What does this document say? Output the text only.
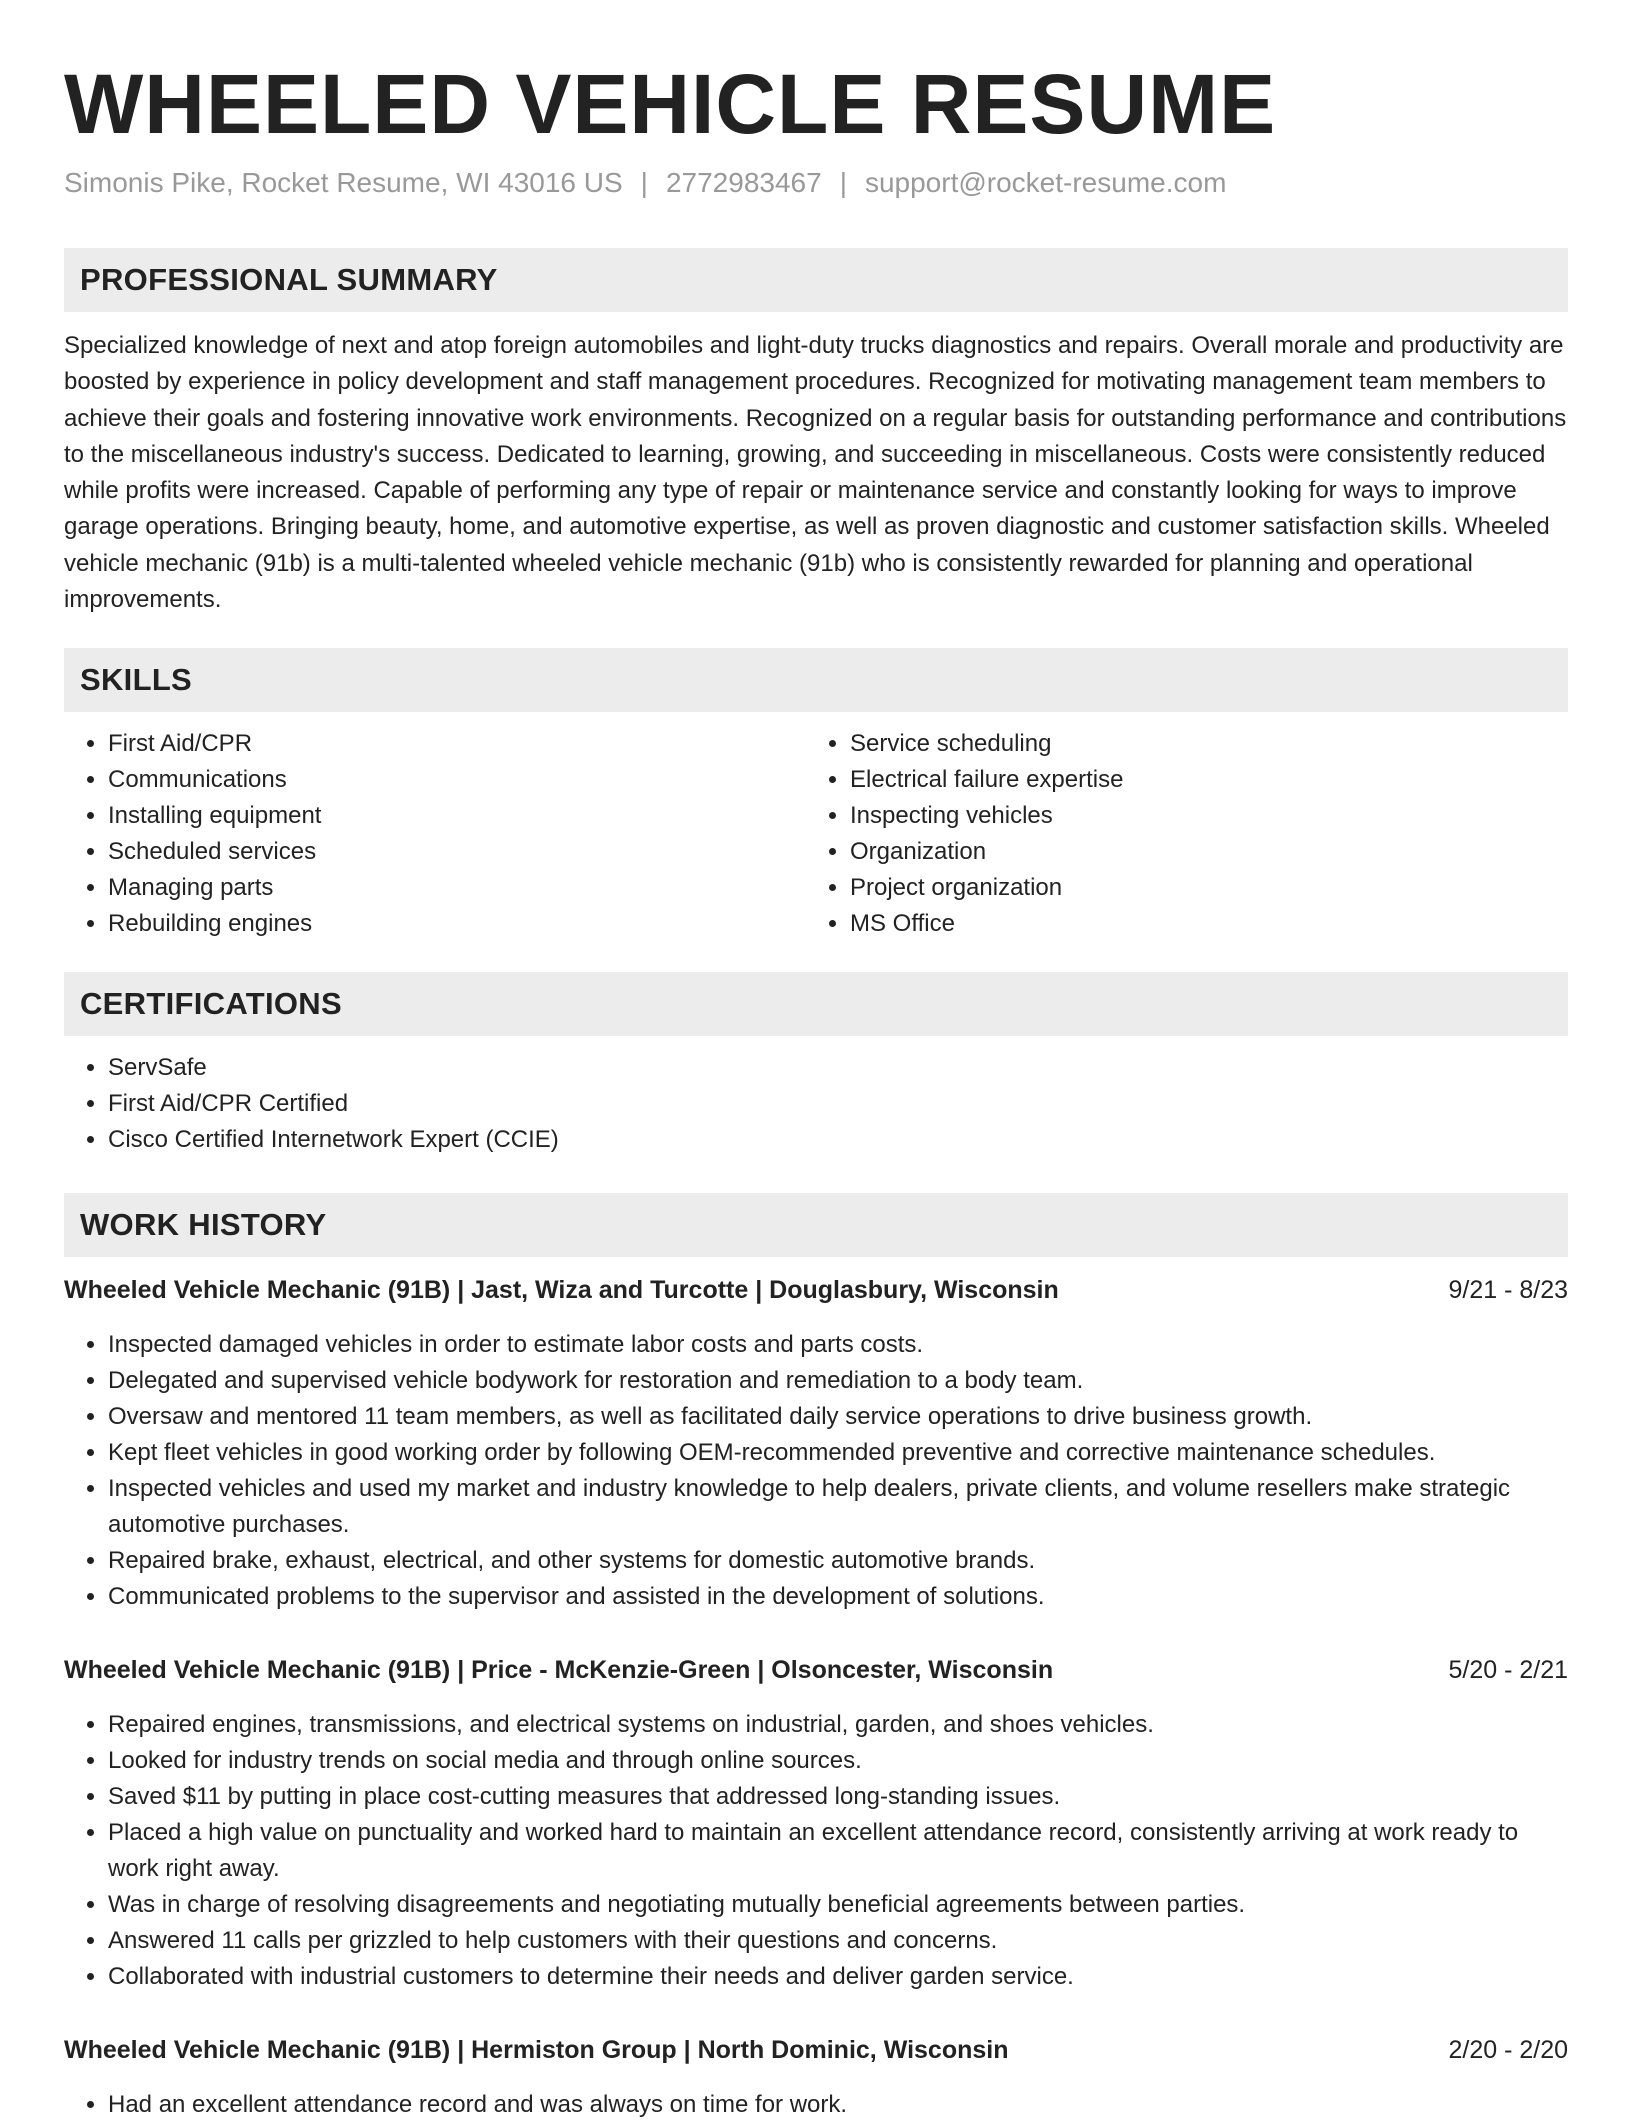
WHEELED VEHICLE RESUME
Simonis Pike, Rocket Resume, WI 43016 US | 2772983467 | support@rocket-resume.com
PROFESSIONAL SUMMARY

Specialized knowledge of next and atop foreign automobiles and light-duty trucks diagnostics and repairs. Overall morale and productivity are boosted by experience in policy development and staff management procedures. Recognized for motivating management team members to achieve their goals and fostering innovative work environments. Recognized on a regular basis for outstanding performance and contributions to the miscellaneous industry's success. Dedicated to learning, growing, and succeeding in miscellaneous. Costs were consistently reduced while profits were increased. Capable of performing any type of repair or maintenance service and constantly looking for ways to improve garage operations. Bringing beauty, home, and automotive expertise, as well as proven diagnostic and customer satisfaction skills. Wheeled vehicle mechanic (91b) is a multi-talented wheeled vehicle mechanic (91b) who is consistently rewarded for planning and operational improvements.

SKILLS
• First Aid/CPR
• Communications
• Installing equipment
• Scheduled services
• Managing parts
• Rebuilding engines
• Service scheduling
• Electrical failure expertise
• Inspecting vehicles
• Organization
• Project organization
• MS Office
CERTIFICATIONS
• ServSafe
• First Aid/CPR Certified
• Cisco Certified Internetwork Expert (CCIE)
WORK HISTORY
Wheeled Vehicle Mechanic (91B) | Jast, Wiza and Turcotte | Douglasbury, Wisconsin	9/21 - 8/23
• Inspected damaged vehicles in order to estimate labor costs and parts costs.
• Delegated and supervised vehicle bodywork for restoration and remediation to a body team.
• Oversaw and mentored 11 team members, as well as facilitated daily service operations to drive business growth.
• Kept fleet vehicles in good working order by following OEM-recommended preventive and corrective maintenance schedules.
• Inspected vehicles and used my market and industry knowledge to help dealers, private clients, and volume resellers make strategic automotive purchases.
• Repaired brake, exhaust, electrical, and other systems for domestic automotive brands.
• Communicated problems to the supervisor and assisted in the development of solutions.
Wheeled Vehicle Mechanic (91B) | Price - McKenzie-Green | Olsoncester, Wisconsin	5/20 - 2/21
• Repaired engines, transmissions, and electrical systems on industrial, garden, and shoes vehicles.
• Looked for industry trends on social media and through online sources.
• Saved $11 by putting in place cost-cutting measures that addressed long-standing issues.
• Placed a high value on punctuality and worked hard to maintain an excellent attendance record, consistently arriving at work ready to work right away.
• Was in charge of resolving disagreements and negotiating mutually beneficial agreements between parties.
• Answered 11 calls per grizzled to help customers with their questions and concerns.
• Collaborated with industrial customers to determine their needs and deliver garden service.
Wheeled Vehicle Mechanic (91B) | Hermiston Group | North Dominic, Wisconsin	2/20 - 2/20
• Had an excellent attendance record and was always on time for work.
